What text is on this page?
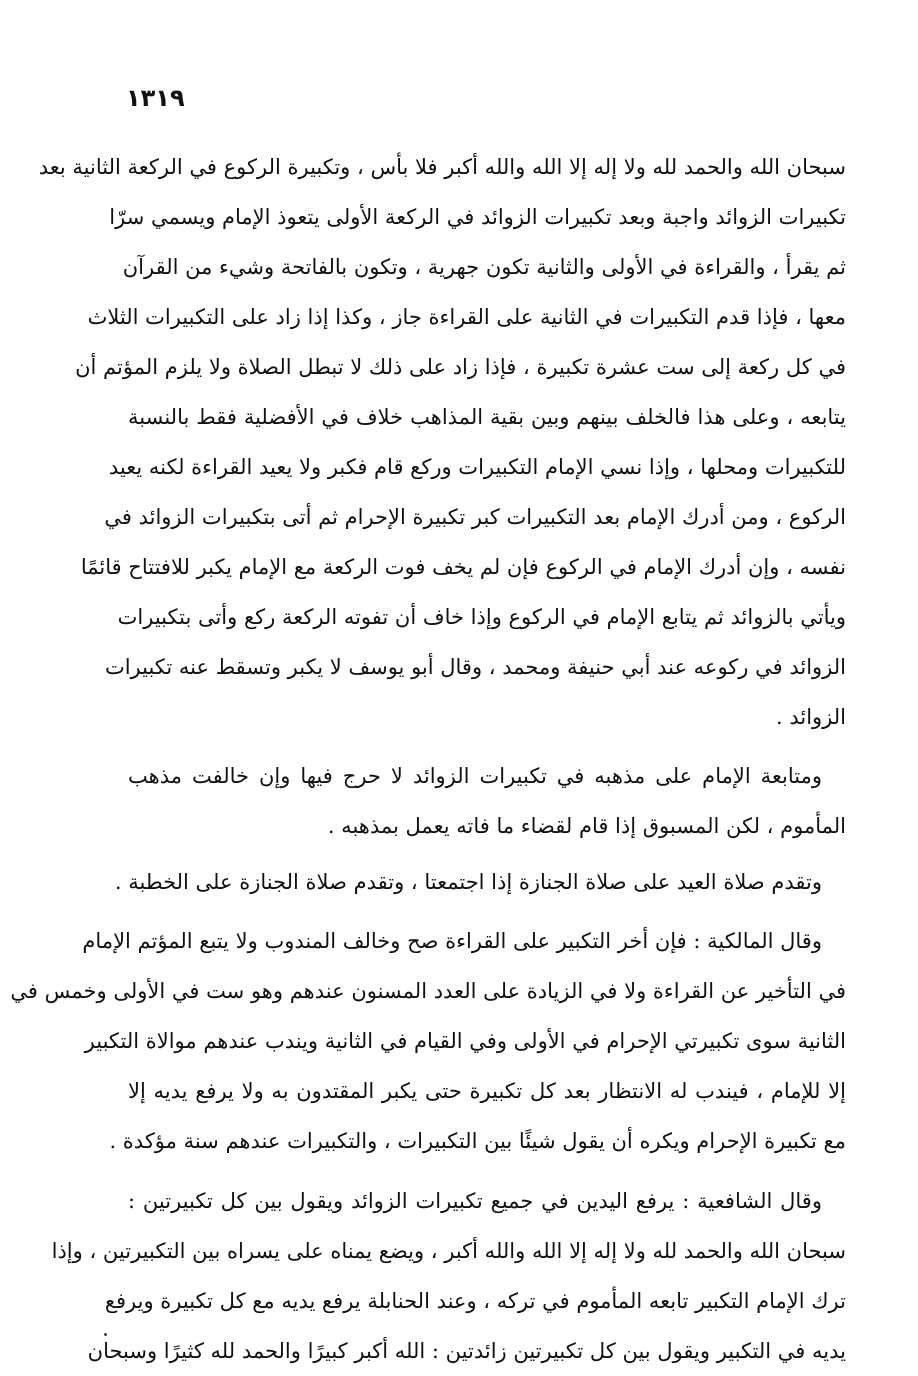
١٣١٩
سبحان الله والحمد لله ولا إله إلا الله والله أكبر فلا بأس ، وتكبيرة الركوع في الركعة الثانية بعد
تكبيرات الزوائد واجبة وبعد تكبيرات الزوائد في الركعة الأولى يتعوذ الإمام ويسمي سرّا
ثم يقرأ ، والقراءة في الأولى والثانية تكون جهرية ، وتكون بالفاتحة وشيء من القرآن
معها ، فإذا قدم التكبيرات في الثانية على القراءة جاز ، وكذا إذا زاد على التكبيرات الثلاث
في كل ركعة إلى ست عشرة تكبيرة ، فإذا زاد على ذلك لا تبطل الصلاة ولا يلزم المؤتم أن
يتابعه ، وعلى هذا فالخلف بينهم وبين بقية المذاهب خلاف في الأفضلية فقط بالنسبة
للتكبيرات ومحلها ، وإذا نسي الإمام التكبيرات وركع قام فكبر ولا يعيد القراءة لكنه يعيد
الركوع ، ومن أدرك الإمام بعد التكبيرات كبر تكبيرة الإحرام ثم أتى بتكبيرات الزوائد في
نفسه ، وإن أدرك الإمام في الركوع فإن لم يخف فوت الركعة مع الإمام يكبر للافتتاح قائمًا
ويأتي بالزوائد ثم يتابع الإمام في الركوع وإذا خاف أن تفوته الركعة ركع وأتى بتكبيرات
الزوائد في ركوعه عند أبي حنيفة ومحمد ، وقال أبو يوسف لا يكبر وتسقط عنه تكبيرات
الزوائد .
ومتابعة الإمام على مذهبه في تكبيرات الزوائد لا حرج فيها وإن خالفت مذهب
المأموم ، لكن المسبوق إذا قام لقضاء ما فاته يعمل بمذهبه .
وتقدم صلاة العيد على صلاة الجنازة إذا اجتمعتا ، وتقدم صلاة الجنازة على الخطبة .
وقال المالكية : فإن أخر التكبير على القراءة صح وخالف المندوب ولا يتبع المؤتم الإمام
في التأخير عن القراءة ولا في الزيادة على العدد المسنون عندهم وهو ست في الأولى وخمس في
الثانية سوى تكبيرتي الإحرام في الأولى وفي القيام في الثانية ويندب عندهم موالاة التكبير
إلا للإمام ، فيندب له الانتظار بعد كل تكبيرة حتى يكبر المقتدون به ولا يرفع يديه إلا
مع تكبيرة الإحرام ويكره أن يقول شيئًا بين التكبيرات ، والتكبيرات عندهم سنة مؤكدة .
وقال الشافعية : يرفع اليدين في جميع تكبيرات الزوائد ويقول بين كل تكبيرتين :
سبحان الله والحمد لله ولا إله إلا الله والله أكبر ، ويضع يمناه على يسراه بين التكبيرتين ، وإذا
ترك الإمام التكبير تابعه المأموم في تركه ، وعند الحنابلة يرفع يديه مع كل تكبيرة ويرفع
يديه في التكبير ويقول بين كل تكبيرتين زائدتين : الله أكبر كبيرًا والحمد لله كثيرًا وسبحان
